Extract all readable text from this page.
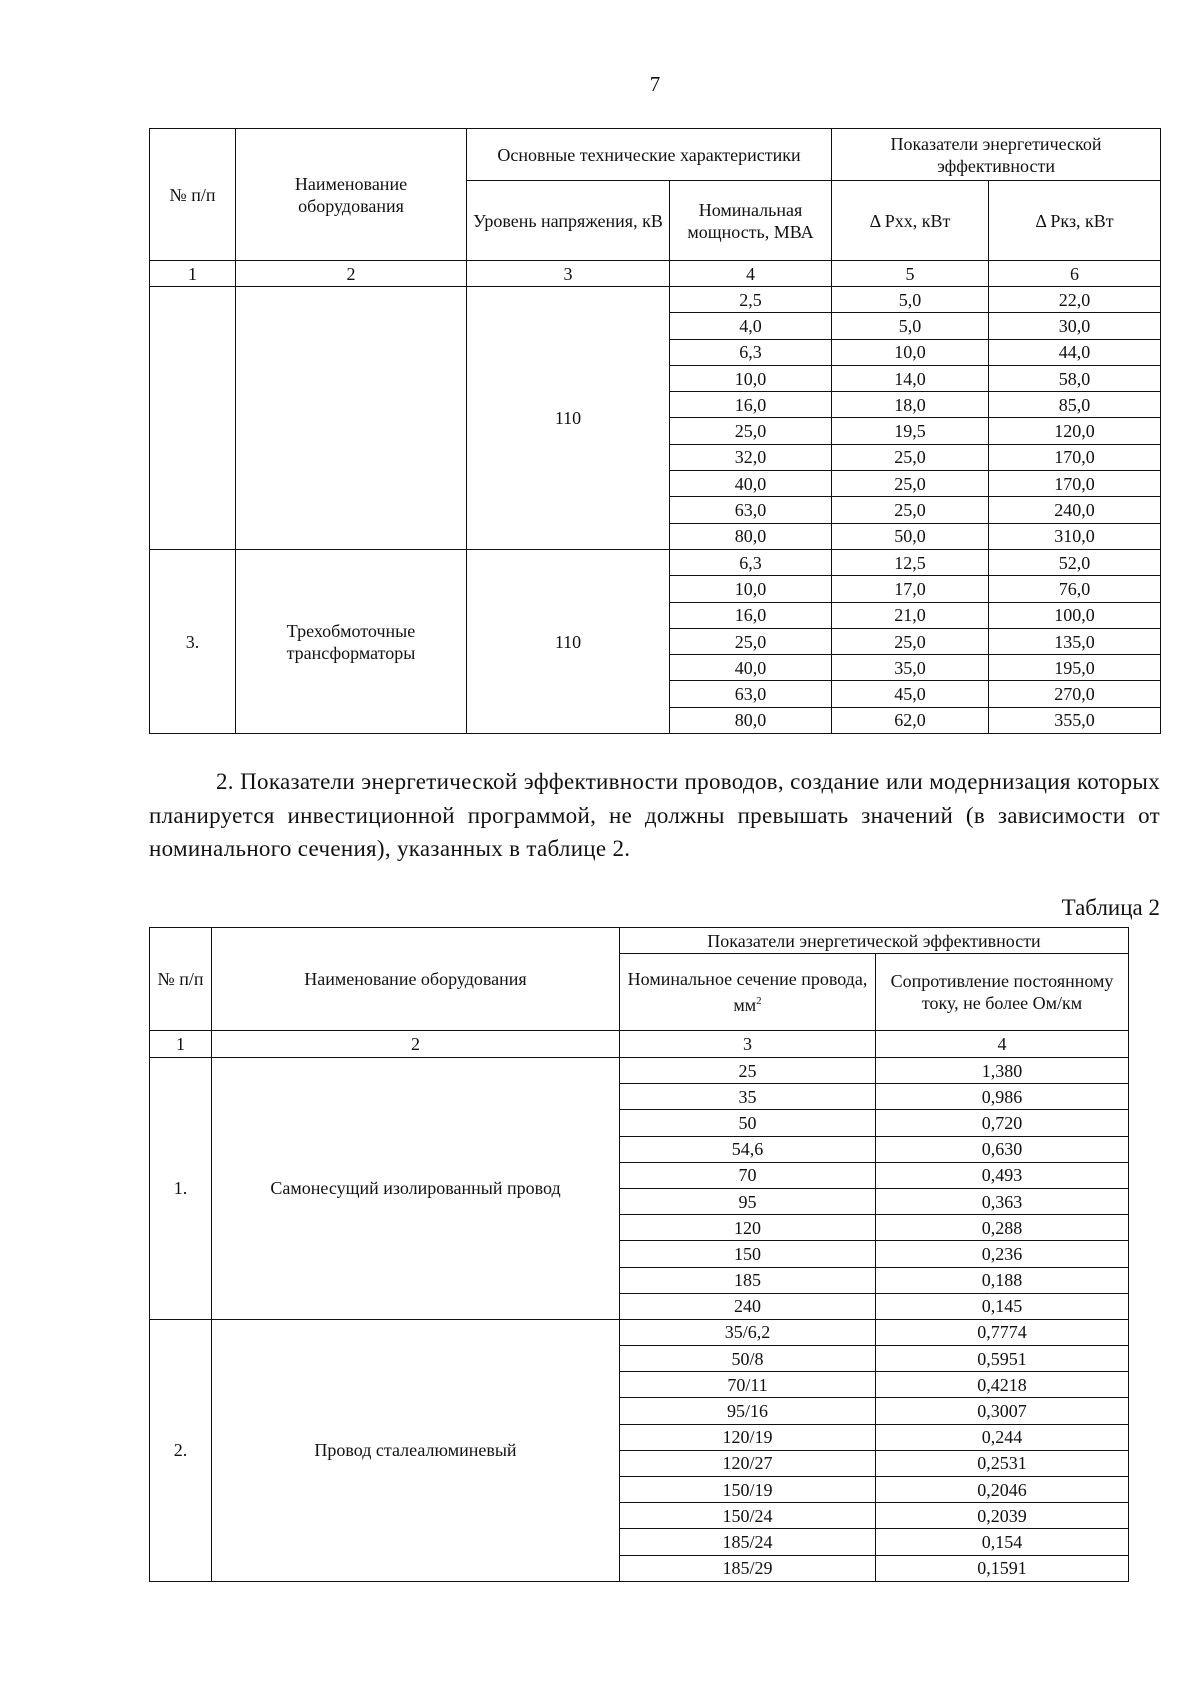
7
№ п/п	Наименование оборудования	Основные технические характеристики		Показатели энергетической эффективности	
		Уровень напряжения, кВ	Номинальная мощность, МВА	Δ Рхх, кВт	Δ Ркз, кВт
1	2	3	4	5	6
		110	2,5	5,0	22,0
			4,0	5,0	30,0
			6,3	10,0	44,0
			10,0	14,0	58,0
			16,0	18,0	85,0
			25,0	19,5	120,0
			32,0	25,0	170,0
			40,0	25,0	170,0
			63,0	25,0	240,0
			80,0	50,0	310,0
3.	Трехобмоточные трансформаторы	110	6,3	12,5	52,0
			10,0	17,0	76,0
			16,0	21,0	100,0
			25,0	25,0	135,0
			40,0	35,0	195,0
			63,0	45,0	270,0
			80,0	62,0	355,0
2. Показатели энергетической эффективности проводов, создание или модернизация которых планируется инвестиционной программой, не должны превышать значений (в зависимости от номинального сечения), указанных в таблице 2.
Таблица 2
№ п/п	Наименование оборудования	Показатели энергетической эффективности	
		Номинальное сечение провода, $мм^2$	Сопротивление постоянному току, не более Ом/км
1	2	3	4
1.	Самонесущий изолированный провод	25	1,380
		35	0,986
		50	0,720
		54,6	0,630
		70	0,493
		95	0,363
		120	0,288
		150	0,236
		185	0,188
		240	0,145
2.	Провод сталеалюминевый	35/6,2	0,7774
		50/8	0,5951
		70/11	0,4218
		95/16	0,3007
		120/19	0,244
		120/27	0,2531
		150/19	0,2046
		150/24	0,2039
		185/24	0,154
		185/29	0,1591
